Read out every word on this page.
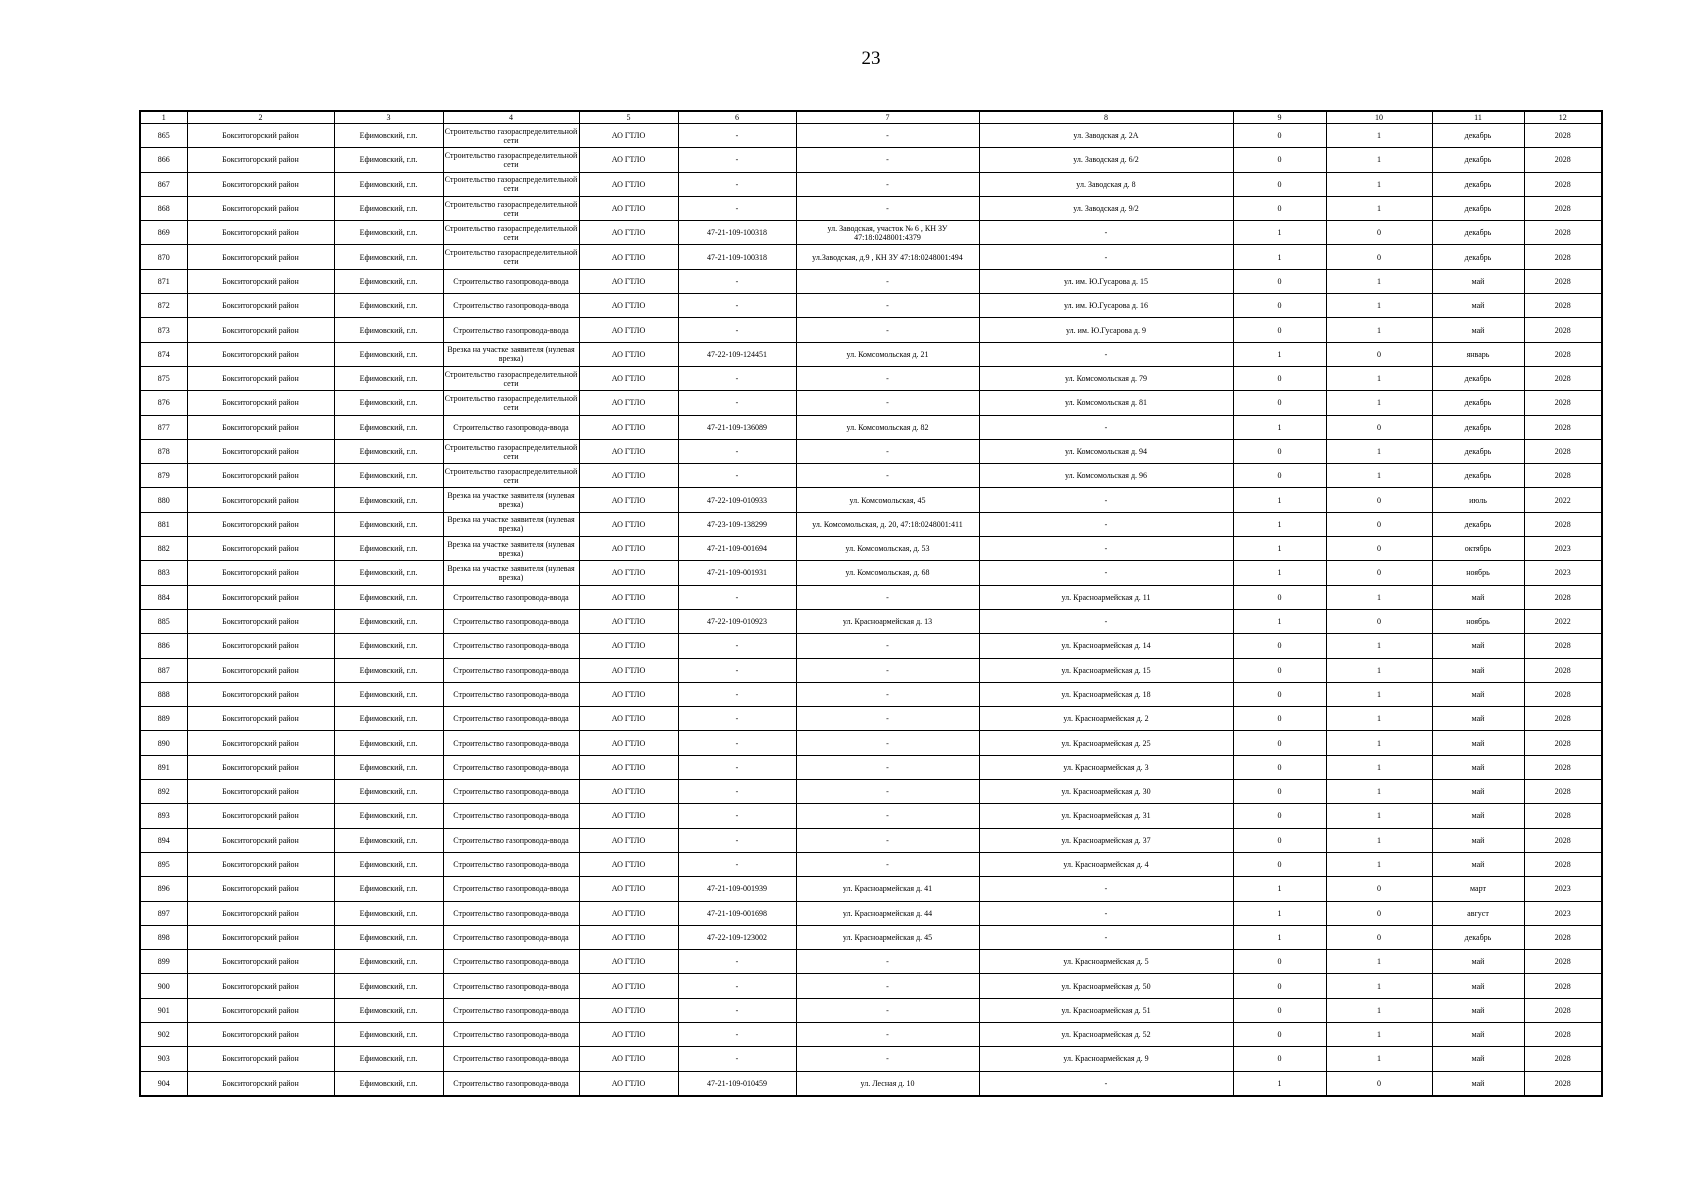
23
1	2	3	4	5	6	7	8	9	10	11	12
865	Бокситогорский район	Ефимовский, г.п.	Строительство газораспределительной сети	АО ГТЛО	-	-	ул. Заводская д. 2А	0	1	декабрь	2028
866	Бокситогорский район	Ефимовский, г.п.	Строительство газораспределительной сети	АО ГТЛО	-	-	ул. Заводская д. 6/2	0	1	декабрь	2028
867	Бокситогорский район	Ефимовский, г.п.	Строительство газораспределительной сети	АО ГТЛО	-	-	ул. Заводская д. 8	0	1	декабрь	2028
868	Бокситогорский район	Ефимовский, г.п.	Строительство газораспределительной сети	АО ГТЛО	-	-	ул. Заводская д. 9/2	0	1	декабрь	2028
869	Бокситогорский район	Ефимовский, г.п.	Строительство газораспределительной сети	АО ГТЛО	47-21-109-100318	ул. Заводская, участок № 6 , КН ЗУ 47:18:0248001:4379	-	1	0	декабрь	2028
870	Бокситогорский район	Ефимовский, г.п.	Строительство газораспределительной сети	АО ГТЛО	47-21-109-100318	ул.Заводская, д.9 , КН ЗУ 47:18:0248001:494	-	1	0	декабрь	2028
871	Бокситогорский район	Ефимовский, г.п.	Строительство газопровода-ввода	АО ГТЛО	-	-	ул. им. Ю.Гусарова д. 15	0	1	май	2028
872	Бокситогорский район	Ефимовский, г.п.	Строительство газопровода-ввода	АО ГТЛО	-	-	ул. им. Ю.Гусарова д. 16	0	1	май	2028
873	Бокситогорский район	Ефимовский, г.п.	Строительство газопровода-ввода	АО ГТЛО	-	-	ул. им. Ю.Гусарова д. 9	0	1	май	2028
874	Бокситогорский район	Ефимовский, г.п.	Врезка на участке заявителя (нулевая врезка)	АО ГТЛО	47-22-109-124451	ул. Комсомольская д. 21	-	1	0	январь	2028
875	Бокситогорский район	Ефимовский, г.п.	Строительство газораспределительной сети	АО ГТЛО	-	-	ул. Комсомольская д. 79	0	1	декабрь	2028
876	Бокситогорский район	Ефимовский, г.п.	Строительство газораспределительной сети	АО ГТЛО	-	-	ул. Комсомольская д. 81	0	1	декабрь	2028
877	Бокситогорский район	Ефимовский, г.п.	Строительство газопровода-ввода	АО ГТЛО	47-21-109-136089	ул. Комсомольская д. 82	-	1	0	декабрь	2028
878	Бокситогорский район	Ефимовский, г.п.	Строительство газораспределительной сети	АО ГТЛО	-	-	ул. Комсомольская д. 94	0	1	декабрь	2028
879	Бокситогорский район	Ефимовский, г.п.	Строительство газораспределительной сети	АО ГТЛО	-	-	ул. Комсомольская д. 96	0	1	декабрь	2028
880	Бокситогорский район	Ефимовский, г.п.	Врезка на участке заявителя (нулевая врезка)	АО ГТЛО	47-22-109-010933	ул. Комсомольская, 45	-	1	0	июль	2022
881	Бокситогорский район	Ефимовский, г.п.	Врезка на участке заявителя (нулевая врезка)	АО ГТЛО	47-23-109-138299	ул. Комсомольская, д. 20, 47:18:0248001:411	-	1	0	декабрь	2028
882	Бокситогорский район	Ефимовский, г.п.	Врезка на участке заявителя (нулевая врезка)	АО ГТЛО	47-21-109-001694	ул. Комсомольская, д. 53	-	1	0	октябрь	2023
883	Бокситогорский район	Ефимовский, г.п.	Врезка на участке заявителя (нулевая врезка)	АО ГТЛО	47-21-109-001931	ул. Комсомольская, д. 68	-	1	0	ноябрь	2023
884	Бокситогорский район	Ефимовский, г.п.	Строительство газопровода-ввода	АО ГТЛО	-	-	ул. Красноармейская д. 11	0	1	май	2028
885	Бокситогорский район	Ефимовский, г.п.	Строительство газопровода-ввода	АО ГТЛО	47-22-109-010923	ул. Красноармейская д. 13	-	1	0	ноябрь	2022
886	Бокситогорский район	Ефимовский, г.п.	Строительство газопровода-ввода	АО ГТЛО	-	-	ул. Красноармейская д. 14	0	1	май	2028
887	Бокситогорский район	Ефимовский, г.п.	Строительство газопровода-ввода	АО ГТЛО	-	-	ул. Красноармейская д. 15	0	1	май	2028
888	Бокситогорский район	Ефимовский, г.п.	Строительство газопровода-ввода	АО ГТЛО	-	-	ул. Красноармейская д. 18	0	1	май	2028
889	Бокситогорский район	Ефимовский, г.п.	Строительство газопровода-ввода	АО ГТЛО	-	-	ул. Красноармейская д. 2	0	1	май	2028
890	Бокситогорский район	Ефимовский, г.п.	Строительство газопровода-ввода	АО ГТЛО	-	-	ул. Красноармейская д. 25	0	1	май	2028
891	Бокситогорский район	Ефимовский, г.п.	Строительство газопровода-ввода	АО ГТЛО	-	-	ул. Красноармейская д. 3	0	1	май	2028
892	Бокситогорский район	Ефимовский, г.п.	Строительство газопровода-ввода	АО ГТЛО	-	-	ул. Красноармейская д. 30	0	1	май	2028
893	Бокситогорский район	Ефимовский, г.п.	Строительство газопровода-ввода	АО ГТЛО	-	-	ул. Красноармейская д. 31	0	1	май	2028
894	Бокситогорский район	Ефимовский, г.п.	Строительство газопровода-ввода	АО ГТЛО	-	-	ул. Красноармейская д. 37	0	1	май	2028
895	Бокситогорский район	Ефимовский, г.п.	Строительство газопровода-ввода	АО ГТЛО	-	-	ул. Красноармейская д. 4	0	1	май	2028
896	Бокситогорский район	Ефимовский, г.п.	Строительство газопровода-ввода	АО ГТЛО	47-21-109-001939	ул. Красноармейская д. 41	-	1	0	март	2023
897	Бокситогорский район	Ефимовский, г.п.	Строительство газопровода-ввода	АО ГТЛО	47-21-109-001698	ул. Красноармейская д. 44	-	1	0	август	2023
898	Бокситогорский район	Ефимовский, г.п.	Строительство газопровода-ввода	АО ГТЛО	47-22-109-123002	ул. Красноармейская д. 45	-	1	0	декабрь	2028
899	Бокситогорский район	Ефимовский, г.п.	Строительство газопровода-ввода	АО ГТЛО	-	-	ул. Красноармейская д. 5	0	1	май	2028
900	Бокситогорский район	Ефимовский, г.п.	Строительство газопровода-ввода	АО ГТЛО	-	-	ул. Красноармейская д. 50	0	1	май	2028
901	Бокситогорский район	Ефимовский, г.п.	Строительство газопровода-ввода	АО ГТЛО	-	-	ул. Красноармейская д. 51	0	1	май	2028
902	Бокситогорский район	Ефимовский, г.п.	Строительство газопровода-ввода	АО ГТЛО	-	-	ул. Красноармейская д. 52	0	1	май	2028
903	Бокситогорский район	Ефимовский, г.п.	Строительство газопровода-ввода	АО ГТЛО	-	-	ул. Красноармейская д. 9	0	1	май	2028
904	Бокситогорский район	Ефимовский, г.п.	Строительство газопровода-ввода	АО ГТЛО	47-21-109-010459	ул. Лесная д. 10	-	1	0	май	2028
